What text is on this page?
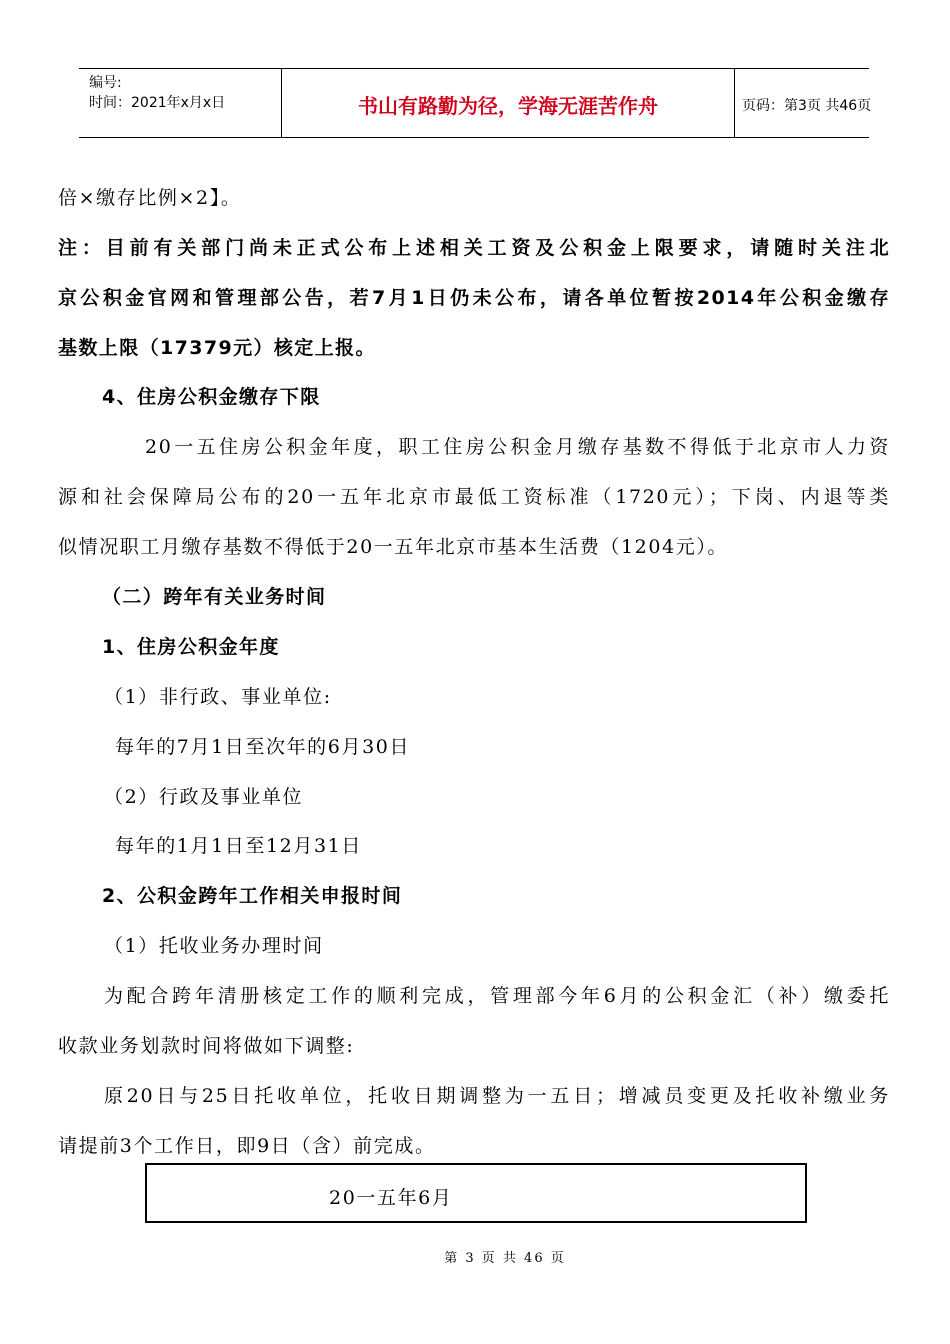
编号:
时间：2021年x月x日	书山有路勤为径，学海无涯苦作舟	页码：第3页 共46页
倍×缴存比例×2】。
注：目前有关部门尚未正式公布上述相关工资及公积金上限要求，请随时关注北
京公积金官网和管理部公告，若7月1日仍未公布，请各单位暂按2014年公积金缴存
基数上限（17379元）核定上报。
4、住房公积金缴存下限
20一五住房公积金年度，职工住房公积金月缴存基数不得低于北京市人力资
源和社会保障局公布的20一五年北京市最低工资标准（1720元）；下岗、内退等类
似情况职工月缴存基数不得低于20一五年北京市基本生活费（1204元）。
（二）跨年有关业务时间
1、住房公积金年度
（1）非行政、事业单位:
每年的7月1日至次年的6月30日
（2）行政及事业单位
每年的1月1日至12月31日
2、公积金跨年工作相关申报时间
（1）托收业务办理时间
为配合跨年清册核定工作的顺利完成，管理部今年6月的公积金汇（补）缴委托
收款业务划款时间将做如下调整:
原20日与25日托收单位，托收日期调整为一五日；增减员变更及托收补缴业务
请提前3个工作日，即9日（含）前完成。
20一五年6月
第 3 页 共 46 页
